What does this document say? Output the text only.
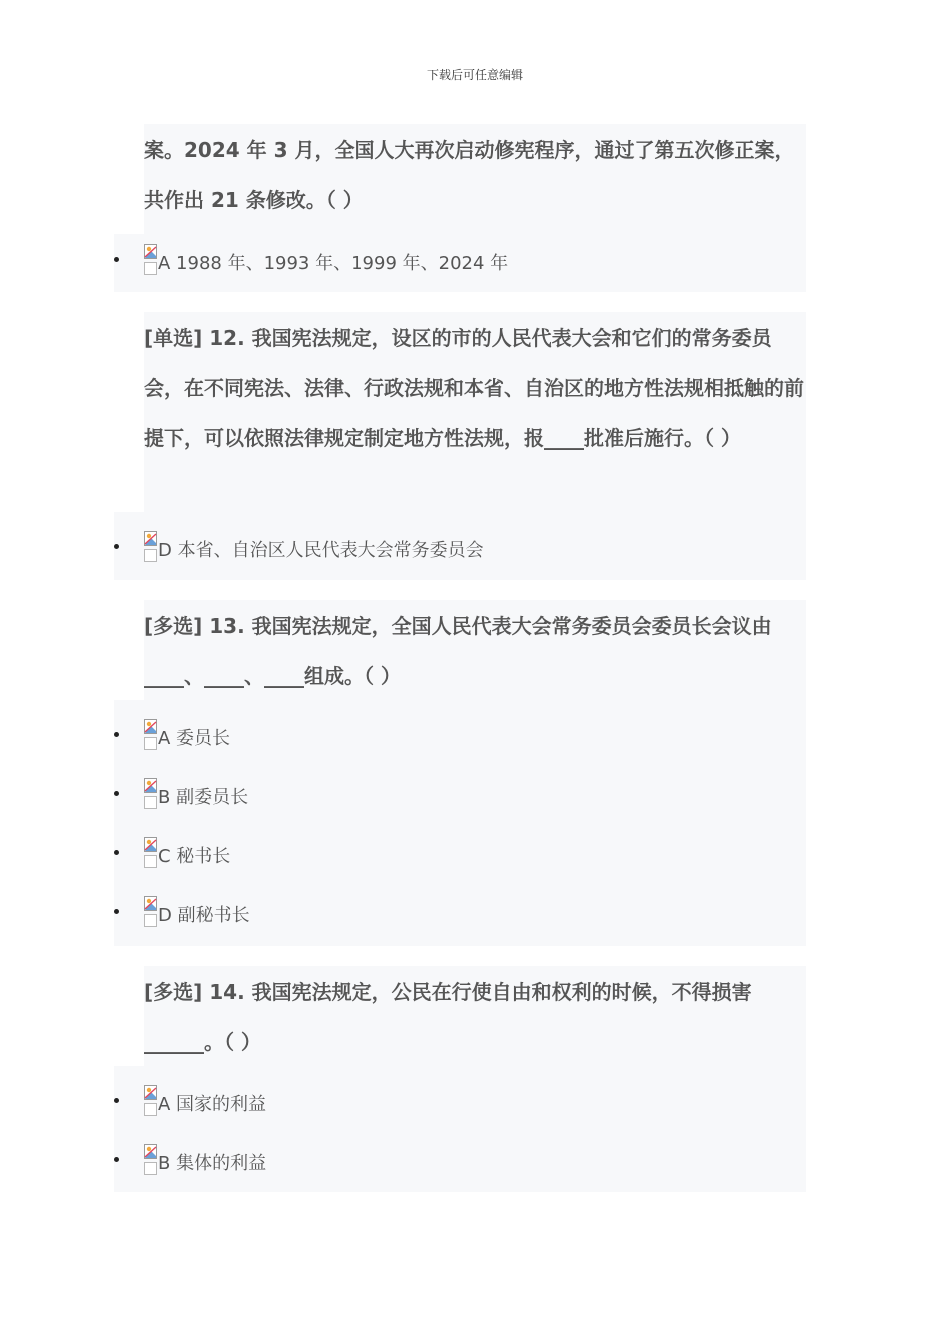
下载后可任意编辑

案。2024 年 3 月，全国人大再次启动修宪程序，通过了第五次修正案，共作出 21 条修改。（ ）

A 1988 年、1993 年、1999 年、2024 年

[单选] 12. 我国宪法规定，设区的市的人民代表大会和它们的常务委员会，在不同宪法、法律、行政法规和本省、自治区的地方性法规相抵触的前提下，可以依照法律规定制定地方性法规，报____批准后施行。（ ）

D 本省、自治区人民代表大会常务委员会

[多选] 13. 我国宪法规定，全国人民代表大会常务委员会委员长会议由____、____、____组成。（ ）

A 委员长
B 副委员长
C 秘书长
D 副秘书长

[多选] 14. 我国宪法规定，公民在行使自由和权利的时候，不得损害______。（ ）

A 国家的利益
B 集体的利益
